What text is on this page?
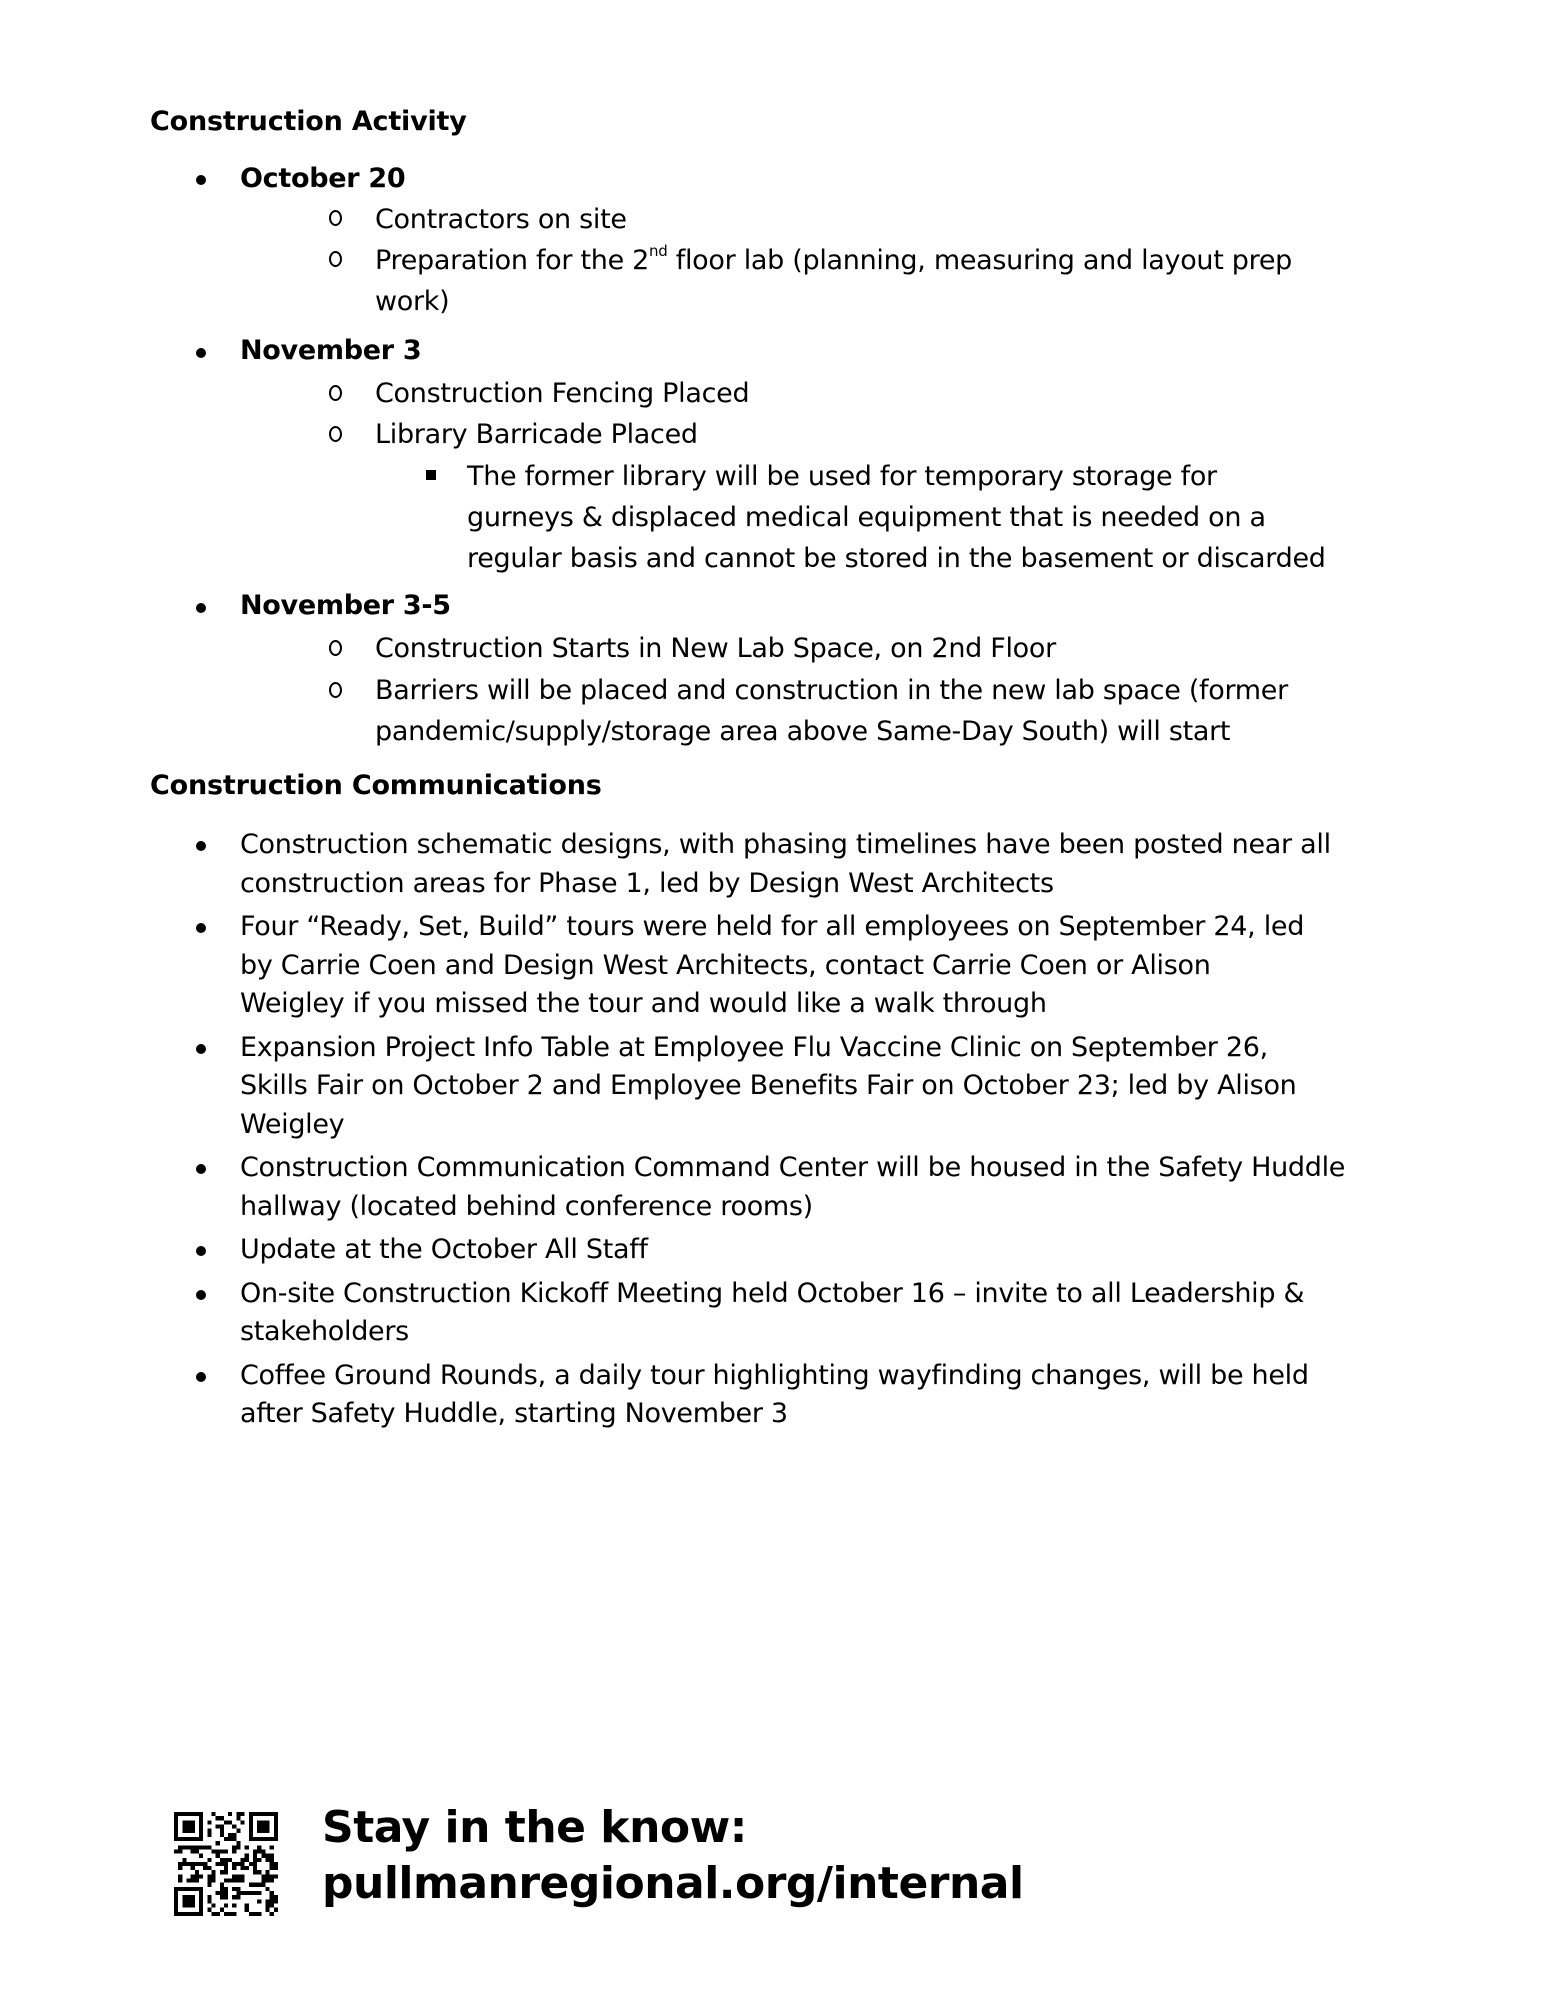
Construction Activity
October 20
Contractors on site
Preparation for the 2nd floor lab (planning, measuring and layout prep
work)
November 3
Construction Fencing Placed
Library Barricade Placed
The former library will be used for temporary storage for
gurneys & displaced medical equipment that is needed on a
regular basis and cannot be stored in the basement or discarded
November 3-5
Construction Starts in New Lab Space, on 2nd Floor
Barriers will be placed and construction in the new lab space (former
pandemic/supply/storage area above Same-Day South) will start
Construction Communications
Construction schematic designs, with phasing timelines have been posted near all
construction areas for Phase 1, led by Design West Architects
Four “Ready, Set, Build” tours were held for all employees on September 24, led
by Carrie Coen and Design West Architects, contact Carrie Coen or Alison
Weigley if you missed the tour and would like a walk through
Expansion Project Info Table at Employee Flu Vaccine Clinic on September 26,
Skills Fair on October 2 and Employee Benefits Fair on October 23; led by Alison
Weigley
Construction Communication Command Center will be housed in the Safety Huddle
hallway (located behind conference rooms)
Update at the October All Staff
On-site Construction Kickoff Meeting held October 16 – invite to all Leadership &
stakeholders
Coffee Ground Rounds, a daily tour highlighting wayfinding changes, will be held
after Safety Huddle, starting November 3
Stay in the know:
pullmanregional.org/internal
